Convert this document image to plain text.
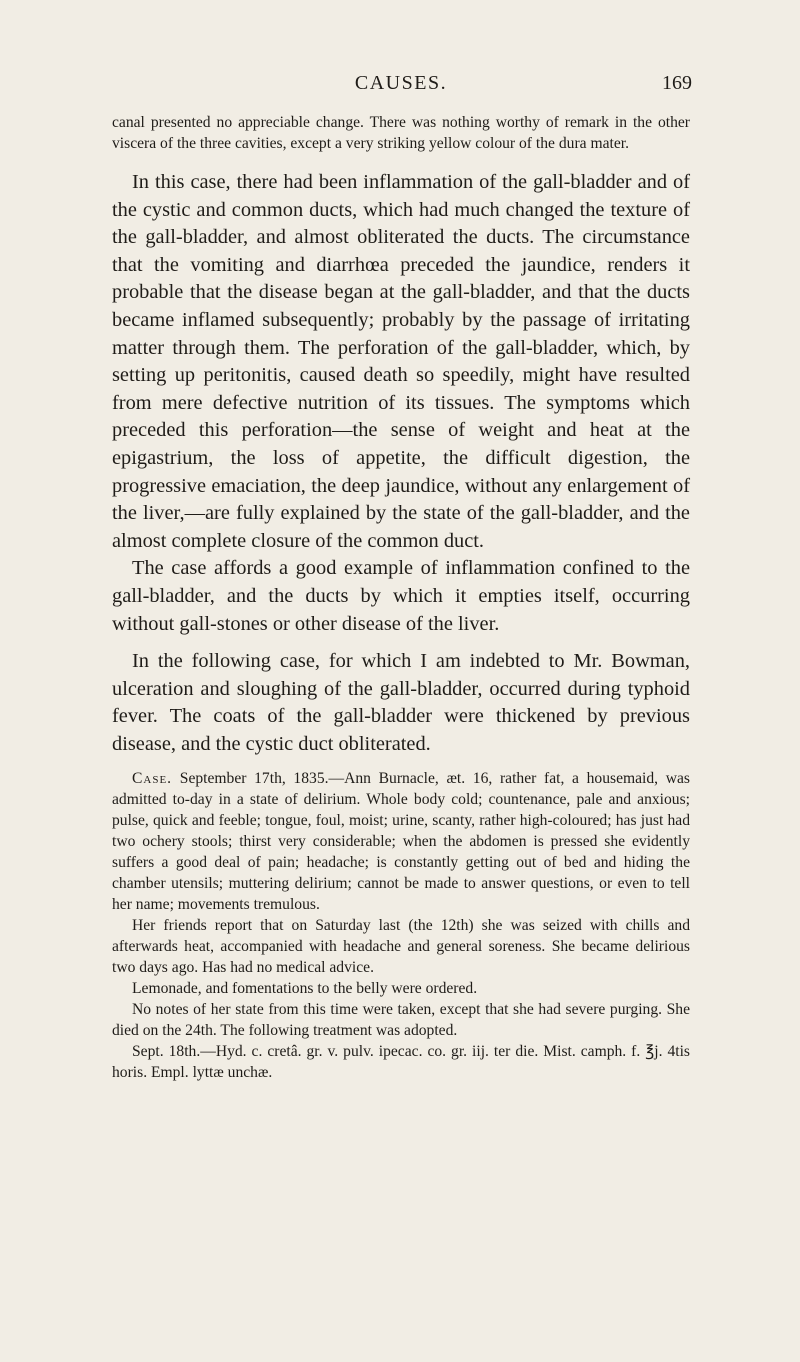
CAUSES.	169

canal presented no appreciable change. There was nothing worthy of remark in the other viscera of the three cavities, except a very striking yellow colour of the dura mater.

In this case, there had been inflammation of the gall-bladder and of the cystic and common ducts, which had much changed the texture of the gall-bladder, and almost obliterated the ducts. The circumstance that the vomiting and diarrhœa preceded the jaundice, renders it probable that the disease began at the gall-bladder, and that the ducts became inflamed subsequently; probably by the passage of irritating matter through them. The perforation of the gall-bladder, which, by setting up peritonitis, caused death so speedily, might have resulted from mere defective nutrition of its tissues. The symptoms which preceded this perforation—the sense of weight and heat at the epigastrium, the loss of appetite, the difficult digestion, the progressive emaciation, the deep jaundice, without any enlargement of the liver,—are fully explained by the state of the gall-bladder, and the almost complete closure of the common duct.

The case affords a good example of inflammation confined to the gall-bladder, and the ducts by which it empties itself, occurring without gall-stones or other disease of the liver.

In the following case, for which I am indebted to Mr. Bowman, ulceration and sloughing of the gall-bladder, occurred during typhoid fever. The coats of the gall-bladder were thickened by previous disease, and the cystic duct obliterated.

Case. September 17th, 1835.—Ann Burnacle, æt. 16, rather fat, a housemaid, was admitted to-day in a state of delirium. Whole body cold; countenance, pale and anxious; pulse, quick and feeble; tongue, foul, moist; urine, scanty, rather high-coloured; has just had two ochery stools; thirst very considerable; when the abdomen is pressed she evidently suffers a good deal of pain; headache; is constantly getting out of bed and hiding the chamber utensils; muttering delirium; cannot be made to answer questions, or even to tell her name; movements tremulous.

Her friends report that on Saturday last (the 12th) she was seized with chills and afterwards heat, accompanied with headache and general soreness. She became delirious two days ago. Has had no medical advice.

Lemonade, and fomentations to the belly were ordered.

No notes of her state from this time were taken, except that she had severe purging. She died on the 24th. The following treatment was adopted.

Sept. 18th.—Hyd. c. cretâ. gr. v. pulv. ipecac. co. gr. iij. ter die. Mist. camph. f. ℥j. 4tis horis. Empl. lyttæ unchæ.
